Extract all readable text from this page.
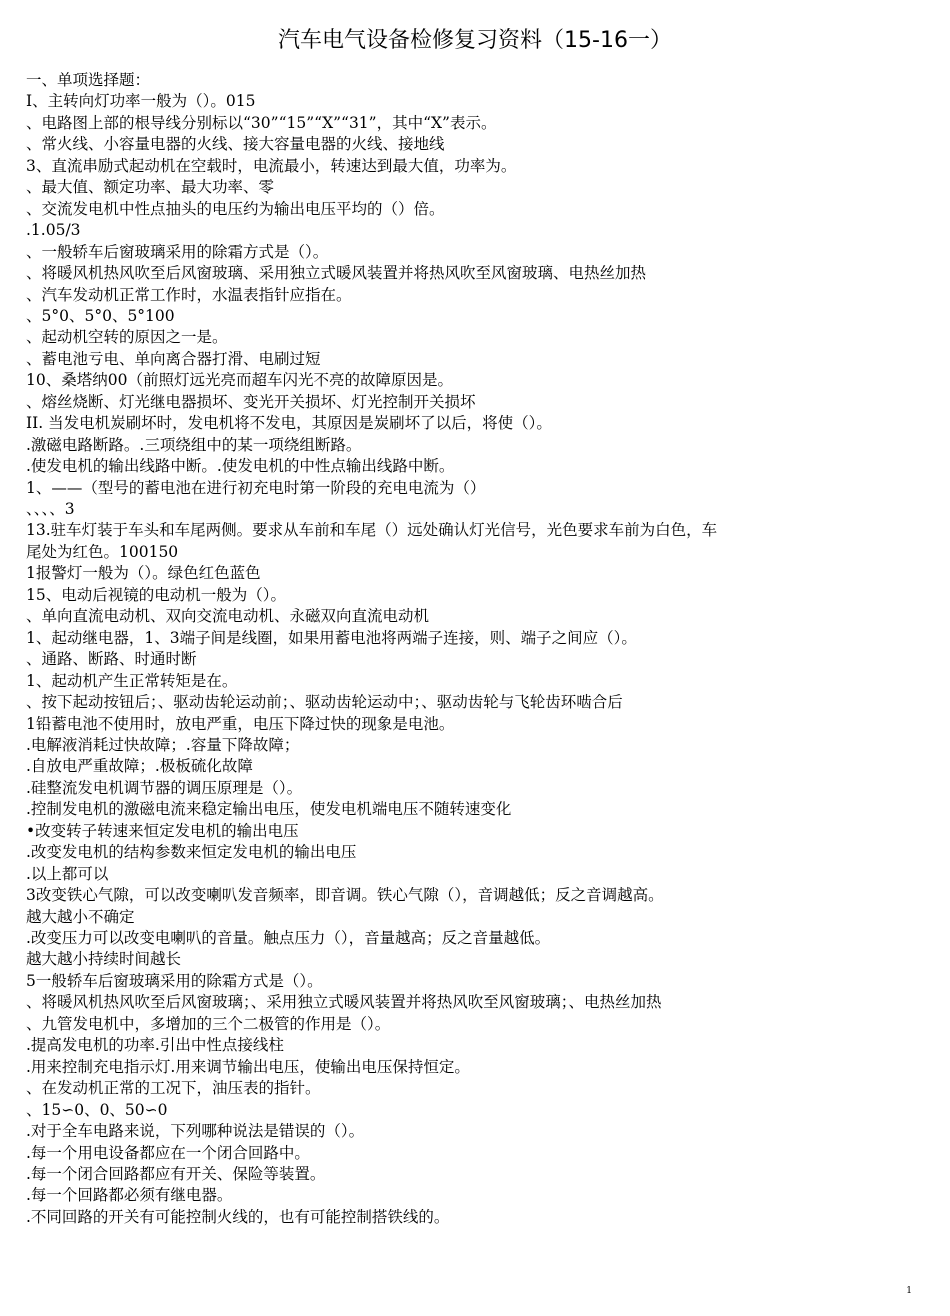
汽车电气设备检修复习资料（15-16一）
一、单项选择题：
I、主转向灯功率一般为（）。015
、电路图上部的根导线分别标以“30”“15”“X”“31”，其中“X”表示。
、常火线、小容量电器的火线、接大容量电器的火线、接地线
3、直流串励式起动机在空载时，电流最小，转速达到最大值，功率为。
、最大值、额定功率、最大功率、零
、交流发电机中性点抽头的电压约为输出电压平均的（）倍。
.1.05/3
、一般轿车后窗玻璃采用的除霜方式是（）。
、将暖风机热风吹至后风窗玻璃、采用独立式暖风装置并将热风吹至风窗玻璃、电热丝加热
、汽车发动机正常工作时，水温表指针应指在。
、5°0、5°0、5°100
、起动机空转的原因之一是。
、蓄电池亏电、单向离合器打滑、电刷过短
10、桑塔纳00（前照灯远光亮而超车闪光不亮的故障原因是。
、熔丝烧断、灯光继电器损坏、变光开关损坏、灯光控制开关损坏
II. 当发电机炭刷坏时，发电机将不发电，其原因是炭刷坏了以后，将使（）。
.激磁电路断路。.三项绕组中的某一项绕组断路。
.使发电机的输出线路中断。.使发电机的中性点输出线路中断。
1、——（型号的蓄电池在进行初充电时第一阶段的充电电流为（）
、、、、3
13.驻车灯装于车头和车尾两侧。要求从车前和车尾（）远处确认灯光信号，光色要求车前为白色，车
尾处为红色。100150
1报警灯一般为（）。绿色红色蓝色
15、电动后视镜的电动机一般为（）。
、单向直流电动机、双向交流电动机、永磁双向直流电动机
1、起动继电器，1、3端子间是线圈，如果用蓄电池将两端子连接，则、端子之间应（）。
、通路、断路、时通时断
1、起动机产生正常转矩是在。
、按下起动按钮后；、驱动齿轮运动前；、驱动齿轮运动中；、驱动齿轮与飞轮齿环啮合后
1铅蓄电池不使用时，放电严重，电压下降过快的现象是电池。
.电解液消耗过快故障；.容量下降故障；
.自放电严重故障；.极板硫化故障
.硅整流发电机调节器的调压原理是（）。
.控制发电机的激磁电流来稳定输出电压，使发电机端电压不随转速变化
•改变转子转速来恒定发电机的输出电压
.改变发电机的结构参数来恒定发电机的输出电压
.以上都可以
3改变铁心气隙，可以改变喇叭发音频率，即音调。铁心气隙（），音调越低；反之音调越高。
越大越小不确定
.改变压力可以改变电喇叭的音量。触点压力（），音量越高；反之音量越低。
越大越小持续时间越长
5一般轿车后窗玻璃采用的除霜方式是（）。
、将暖风机热风吹至后风窗玻璃；、采用独立式暖风装置并将热风吹至风窗玻璃；、电热丝加热
、九管发电机中，多增加的三个二极管的作用是（）。
.提高发电机的功率.引出中性点接线柱
.用来控制充电指示灯.用来调节输出电压，使输出电压保持恒定。
、在发动机正常的工况下，油压表的指针。
、15∽0、0、50∽0
.对于全车电路来说，下列哪种说法是错误的（）。
.每一个用电设备都应在一个闭合回路中。
.每一个闭合回路都应有开关、保险等装置。
.每一个回路都必须有继电器。
.不同回路的开关有可能控制火线的，也有可能控制搭铁线的。
1
